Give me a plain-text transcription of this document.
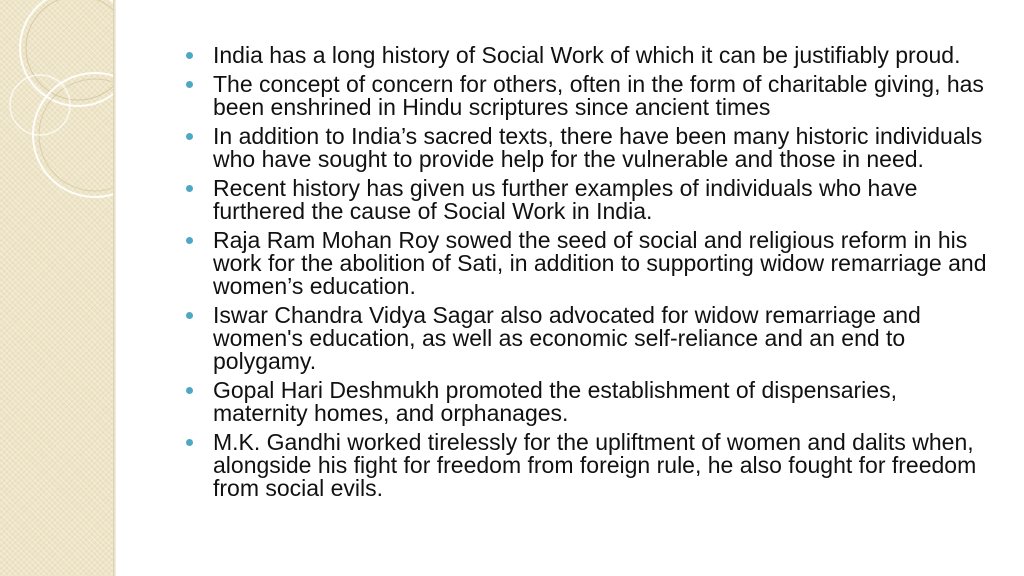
India has a long history of Social Work of which it can be justifiably proud.
The concept of concern for others, often in the form of charitable giving, has been enshrined in Hindu scriptures since ancient times
In addition to India’s sacred texts, there have been many historic individuals who have sought to provide help for the vulnerable and those in need.
Recent history has given us further examples of individuals who have furthered the cause of Social Work in India.
Raja Ram Mohan Roy sowed the seed of social and religious reform in his work for the abolition of Sati, in addition to supporting widow remarriage and women’s education.
Iswar Chandra Vidya Sagar also advocated for widow remarriage and women's education, as well as economic self-reliance and an end to polygamy.
Gopal Hari Deshmukh promoted the establishment of dispensaries, maternity homes, and orphanages.
M.K. Gandhi worked tirelessly for the upliftment of women and dalits when, alongside his fight for freedom from foreign rule, he also fought for freedom from social evils.
